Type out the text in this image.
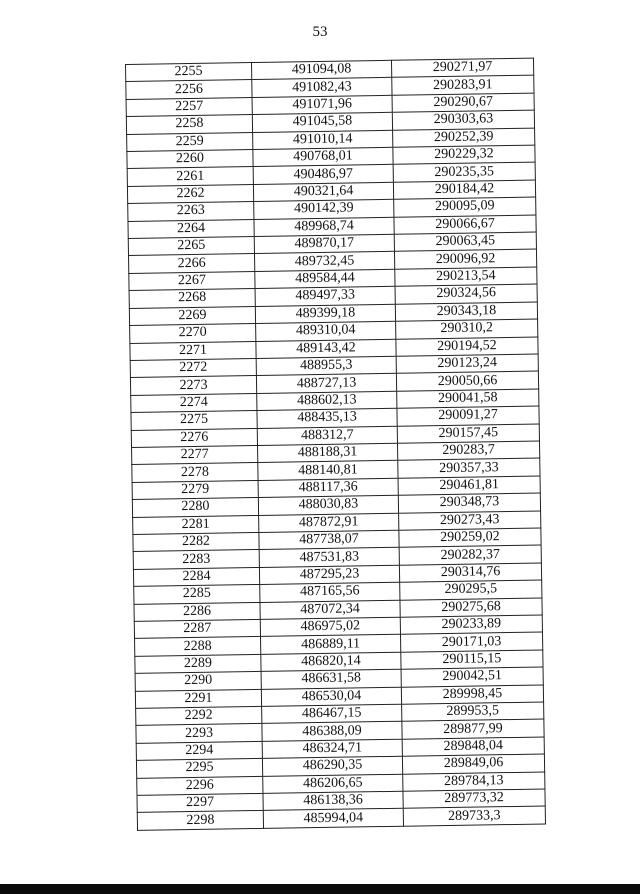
53
2255	491094,08	290271,97
2256	491082,43	290283,91
2257	491071,96	290290,67
2258	491045,58	290303,63
2259	491010,14	290252,39
2260	490768,01	290229,32
2261	490486,97	290235,35
2262	490321,64	290184,42
2263	490142,39	290095,09
2264	489968,74	290066,67
2265	489870,17	290063,45
2266	489732,45	290096,92
2267	489584,44	290213,54
2268	489497,33	290324,56
2269	489399,18	290343,18
2270	489310,04	290310,2
2271	489143,42	290194,52
2272	488955,3	290123,24
2273	488727,13	290050,66
2274	488602,13	290041,58
2275	488435,13	290091,27
2276	488312,7	290157,45
2277	488188,31	290283,7
2278	488140,81	290357,33
2279	488117,36	290461,81
2280	488030,83	290348,73
2281	487872,91	290273,43
2282	487738,07	290259,02
2283	487531,83	290282,37
2284	487295,23	290314,76
2285	487165,56	290295,5
2286	487072,34	290275,68
2287	486975,02	290233,89
2288	486889,11	290171,03
2289	486820,14	290115,15
2290	486631,58	290042,51
2291	486530,04	289998,45
2292	486467,15	289953,5
2293	486388,09	289877,99
2294	486324,71	289848,04
2295	486290,35	289849,06
2296	486206,65	289784,13
2297	486138,36	289773,32
2298	485994,04	289733,3
